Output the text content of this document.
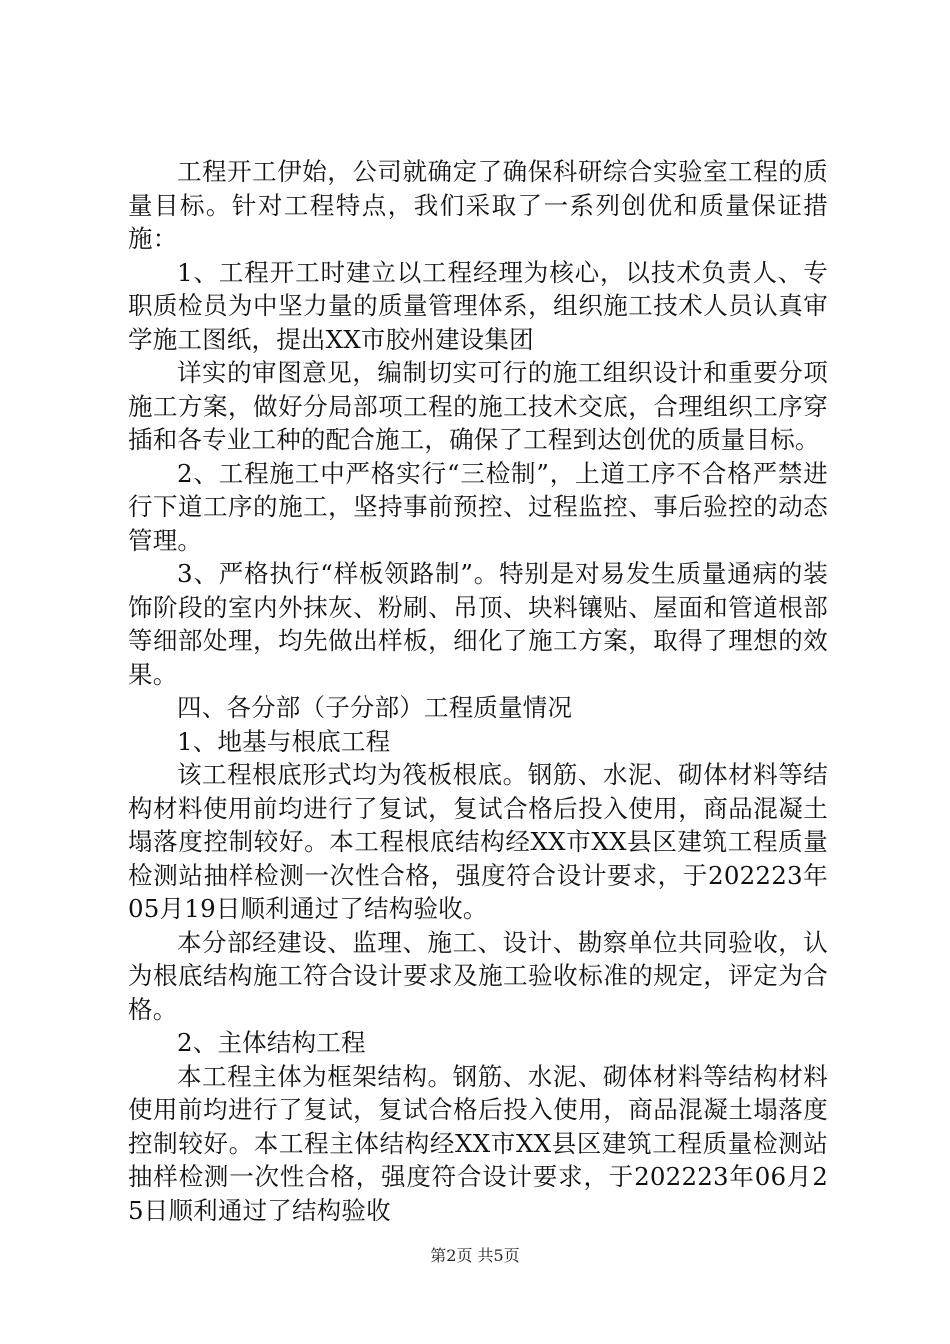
工程开工伊始，公司就确定了确保科研综合实验室工程的质量目标。针对工程特点，我们采取了一系列创优和质量保证措施：

1、工程开工时建立以工程经理为核心，以技术负责人、专职质检员为中坚力量的质量管理体系，组织施工技术人员认真审学施工图纸，提出XX市胶州建设集团

详实的审图意见，编制切实可行的施工组织设计和重要分项施工方案，做好分局部项工程的施工技术交底，合理组织工序穿插和各专业工种的配合施工，确保了工程到达创优的质量目标。

2、工程施工中严格实行“三检制”，上道工序不合格严禁进行下道工序的施工，坚持事前预控、过程监控、事后验控的动态管理。

3、严格执行“样板领路制”。特别是对易发生质量通病的装饰阶段的室内外抹灰、粉刷、吊顶、块料镶贴、屋面和管道根部等细部处理，均先做出样板，细化了施工方案，取得了理想的效果。

四、各分部（子分部）工程质量情况

1、地基与根底工程

该工程根底形式均为筏板根底。钢筋、水泥、砌体材料等结构材料使用前均进行了复试，复试合格后投入使用，商品混凝土塌落度控制较好。本工程根底结构经XX市XX县区建筑工程质量检测站抽样检测一次性合格，强度符合设计要求，于202223年05月19日顺利通过了结构验收。

本分部经建设、监理、施工、设计、勘察单位共同验收，认为根底结构施工符合设计要求及施工验收标准的规定，评定为合格。

2、主体结构工程

本工程主体为框架结构。钢筋、水泥、砌体材料等结构材料使用前均进行了复试，复试合格后投入使用，商品混凝土塌落度控制较好。本工程主体结构经XX市XX县区建筑工程质量检测站抽样检测一次性合格，强度符合设计要求，于202223年06月25日顺利通过了结构验收

第2页 共5页
